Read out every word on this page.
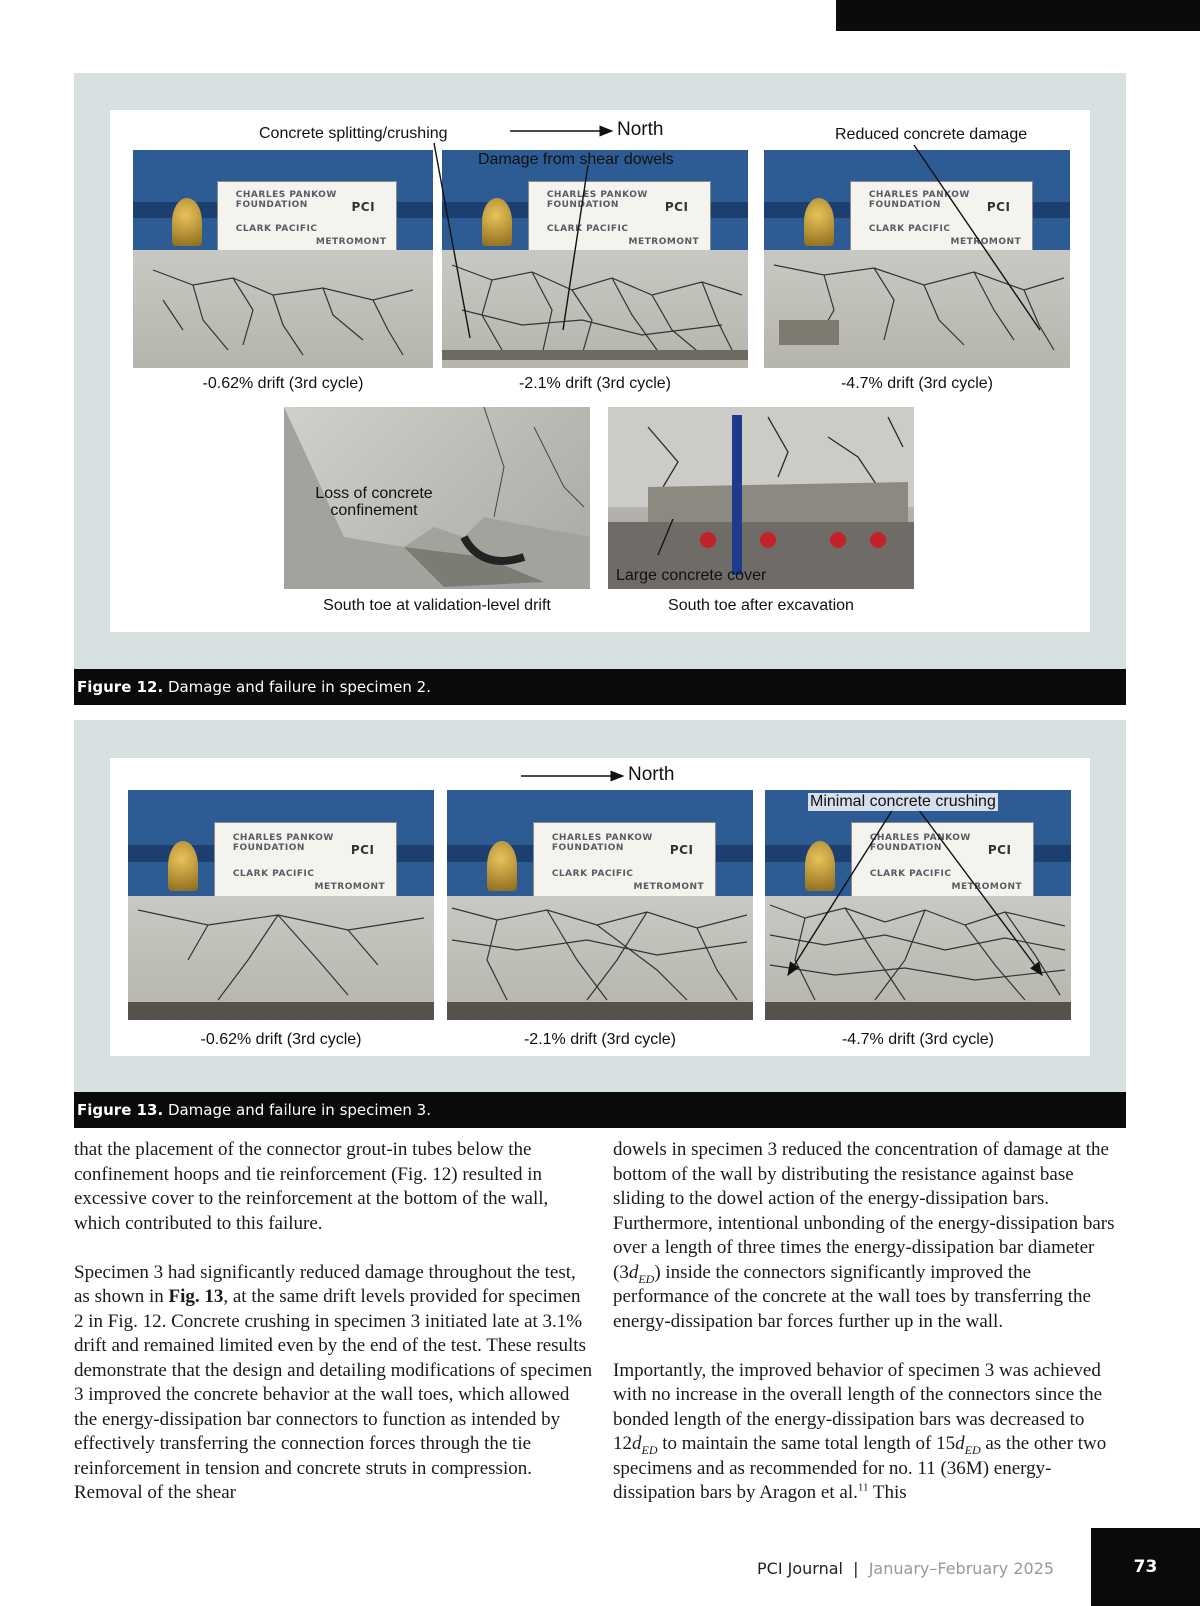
CHARLES PANKOW FOUNDATION	PCI
CLARK PACIFIC
METROMONT
CHARLES PANKOW FOUNDATION	PCI
CLARK PACIFIC
METROMONT
CHARLES PANKOW FOUNDATION	PCI
CLARK PACIFIC
METROMONT
Concrete splitting/crushing	North
Damage from shear dowels
Reduced concrete damage
-0.62% drift (3rd cycle)	-2.1% drift (3rd cycle)	-4.7% drift (3rd cycle)
Loss of concrete
confinement
Large concrete cover
South toe at validation-level drift	South toe after excavation
Figure 12. Damage and failure in specimen 2.
CHARLES PANKOW FOUNDATION	PCI
CLARK PACIFIC
METROMONT
CHARLES PANKOW FOUNDATION	PCI
CLARK PACIFIC
METROMONT
CHARLES PANKOW FOUNDATION	PCI
CLARK PACIFIC
METROMONT
North
Minimal concrete crushing
-0.62% drift (3rd cycle)	-2.1% drift (3rd cycle)	-4.7% drift (3rd cycle)
Figure 13. Damage and failure in specimen 3.

that the placement of the connector grout-in tubes below the confinement hoops and tie reinforcement (Fig. 12) resulted in excessive cover to the reinforcement at the bottom of the wall, which contributed to this failure.

Specimen 3 had significantly reduced damage throughout the test, as shown in Fig. 13, at the same drift levels provided for specimen 2 in Fig. 12. Concrete crushing in specimen 3 initiated late at 3.1% drift and remained limited even by the end of the test. These results demonstrate that the design and detailing modifications of specimen 3 improved the concrete behavior at the wall toes, which allowed the energy-dissipation bar connectors to function as intended by effectively transferring the connection forces through the tie reinforcement in tension and concrete struts in compression. Removal of the shear

dowels in specimen 3 reduced the concentration of damage at the bottom of the wall by distributing the resistance against base sliding to the dowel action of the energy-dissipation bars. Furthermore, intentional unbonding of the energy-dissipation bars over a length of three times the energy-dissipation bar diameter $(3d_{ED})$ inside the connectors significantly improved the performance of the concrete at the wall toes by transferring the energy-dissipation bar forces further up in the wall.

Importantly, the improved behavior of specimen 3 was achieved with no increase in the overall length of the connectors since the bonded length of the energy-dissipation bars was decreased to $12d_{ED}$ to maintain the same total length of $15d_{ED}$ as the other two specimens and as recommended for no. 11 (36M) energy-dissipation bars by Aragon et al.$^{11}$ This

PCI Journal  |  January–February 2025	73
